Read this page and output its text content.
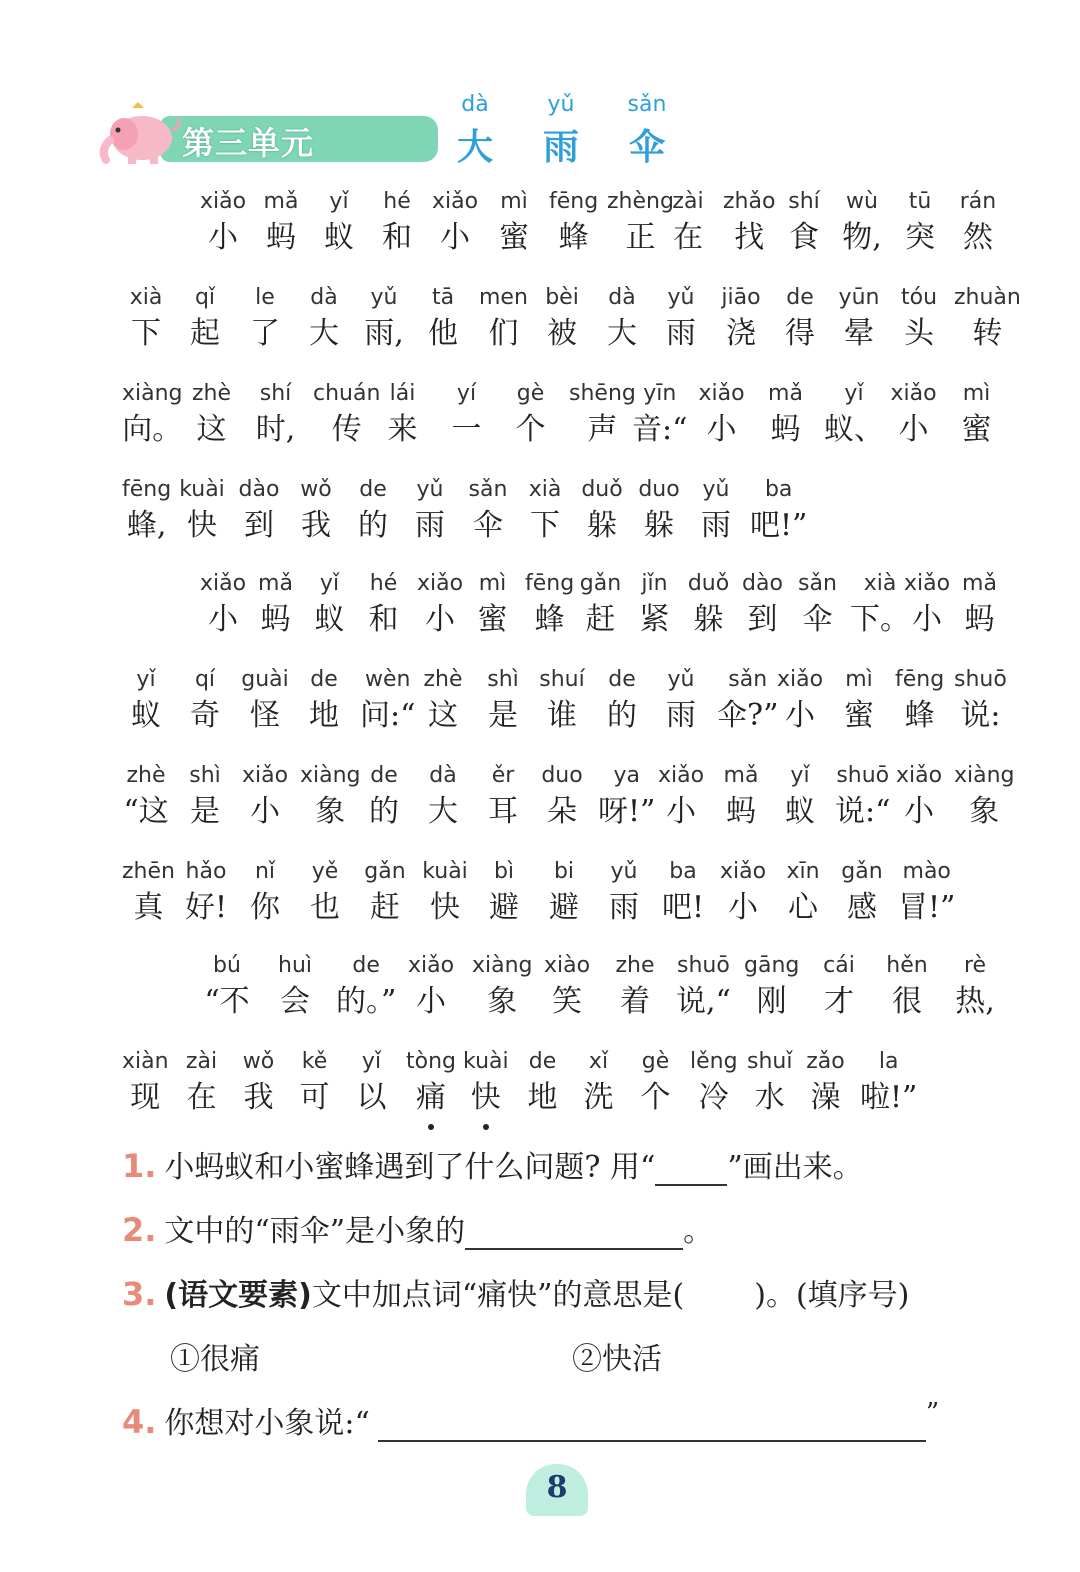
第三单元
dà
大
yǔ
雨
sǎn
伞
xiǎo
小
mǎ
蚂
yǐ
蚁
hé
和
xiǎo
小
mì
蜜
fēng
蜂
zhèng
正
zài
在
zhǎo
找
shí
食
wù
物,
tū
突
rán
然
xià
下
qǐ
起
le
了
dà
大
yǔ
雨,
tā
他
men
们
bèi
被
dà
大
yǔ
雨
jiāo
浇
de
得
yūn
晕
tóu
头
zhuàn
转
xiàng
向。
zhè
这
shí
时,
chuán
传
lái
来
yí
一
gè
个
shēng
声
yīn
音:“
xiǎo
小
mǎ
蚂
yǐ
蚁、
xiǎo
小
mì
蜜
fēng
蜂,
kuài
快
dào
到
wǒ
我
de
的
yǔ
雨
sǎn
伞
xià
下
duǒ
躲
duo
躲
yǔ
雨
ba
吧!”
xiǎo
小
mǎ
蚂
yǐ
蚁
hé
和
xiǎo
小
mì
蜜
fēng
蜂
gǎn
赶
jǐn
紧
duǒ
躲
dào
到
sǎn
伞
xià
下。
xiǎo
小
mǎ
蚂
yǐ
蚁
qí
奇
guài
怪
de
地
wèn
问:“
zhè
这
shì
是
shuí
谁
de
的
yǔ
雨
sǎn
伞?”
xiǎo
小
mì
蜜
fēng
蜂
shuō
说:
zhè
“这
shì
是
xiǎo
小
xiàng
象
de
的
dà
大
ěr
耳
duo
朵
ya
呀!”
xiǎo
小
mǎ
蚂
yǐ
蚁
shuō
说:“
xiǎo
小
xiàng
象
zhēn
真
hǎo
好!
nǐ
你
yě
也
gǎn
赶
kuài
快
bì
避
bi
避
yǔ
雨
ba
吧!
xiǎo
小
xīn
心
gǎn
感
mào
冒!”
bú
“不
huì
会
de
的。”
xiǎo
小
xiàng
象
xiào
笑
zhe
着
shuō
说,“
gāng
刚
cái
才
hěn
很
rè
热,
xiàn
现
zài
在
wǒ
我
kě
可
yǐ
以
tòng
痛
kuài
快
de
地
xǐ
洗
gè
个
lěng
冷
shuǐ
水
zǎo
澡
la
啦!”
1. 小蚂蚁和小蜜蜂遇到了什么问题? 用“ ”画出来。
2. 文中的“雨伞”是小象的	。
3. (语文要素)文中加点词“痛快”的意思是( )。(填序号)
①很痛	②快活
4. 你想对小象说:“	”
8
